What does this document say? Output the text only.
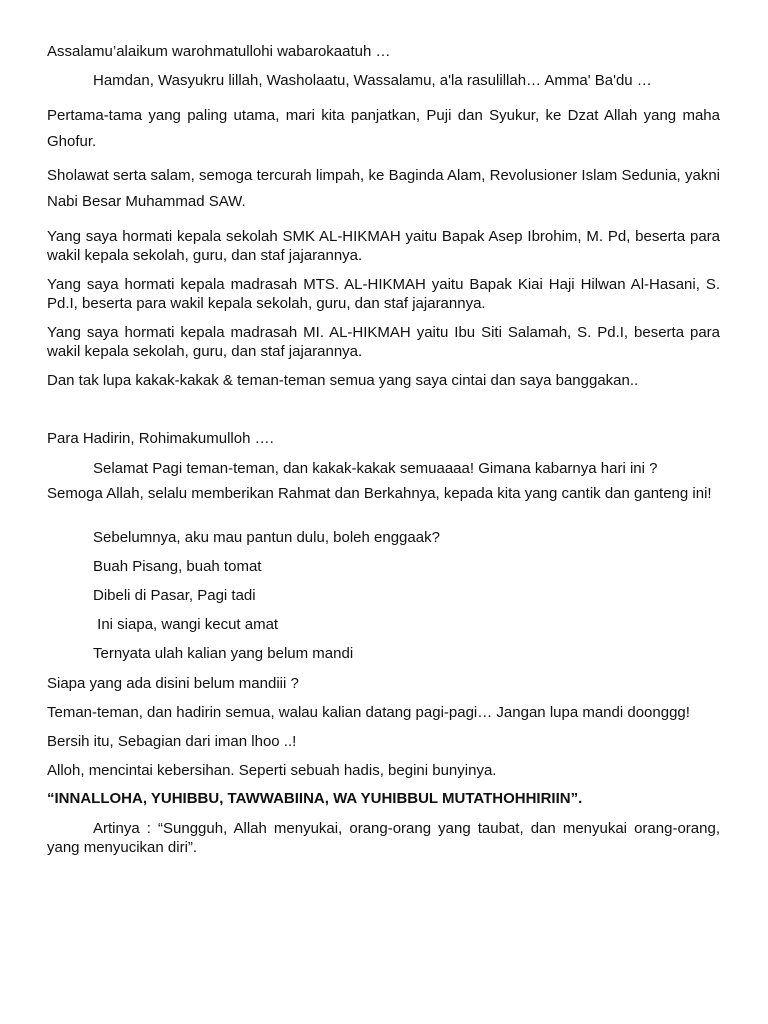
Assalamu’alaikum warohmatullohi wabarokaatuh …

Hamdan, Wasyukru lillah, Washolaatu, Wassalamu, a'la rasulillah… Amma' Ba'du …

Pertama-tama yang paling utama, mari kita panjatkan, Puji dan Syukur, ke Dzat Allah yang maha Ghofur.

Sholawat serta salam, semoga tercurah limpah, ke Baginda Alam, Revolusioner Islam Sedunia, yakni Nabi Besar Muhammad SAW.

Yang saya hormati kepala sekolah SMK AL-HIKMAH yaitu Bapak Asep Ibrohim, M. Pd, beserta para wakil kepala sekolah, guru, dan staf jajarannya.

Yang saya hormati kepala madrasah MTS. AL-HIKMAH yaitu Bapak Kiai Haji Hilwan Al-Hasani, S. Pd.I, beserta para wakil kepala sekolah, guru, dan staf jajarannya.

Yang saya hormati kepala madrasah MI. AL-HIKMAH yaitu Ibu Siti Salamah, S. Pd.I, beserta para wakil kepala sekolah, guru, dan staf jajarannya.

Dan tak lupa kakak-kakak & teman-teman semua yang saya cintai dan saya banggakan..

Para Hadirin, Rohimakumulloh ….

Selamat Pagi teman-teman, dan kakak-kakak semuaaaa! Gimana kabarnya hari ini ?

Semoga Allah, selalu memberikan Rahmat dan Berkahnya, kepada kita yang cantik dan ganteng ini!

Sebelumnya, aku mau pantun dulu, boleh enggaak?

Buah Pisang, buah tomat

Dibeli di Pasar, Pagi tadi

Ini siapa, wangi kecut amat

Ternyata ulah kalian yang belum mandi

Siapa yang ada disini belum mandiii ?

Teman-teman, dan hadirin semua, walau kalian datang pagi-pagi… Jangan lupa mandi doonggg!

Bersih itu, Sebagian dari iman lhoo ..!

Alloh, mencintai kebersihan. Seperti sebuah hadis, begini bunyinya.

“INNALLOHA, YUHIBBU, TAWWABIINA, WA YUHIBBUL MUTATHOHHIRIIN”.

Artinya : “Sungguh, Allah menyukai, orang-orang yang taubat, dan menyukai orang-orang, yang menyucikan diri”.
